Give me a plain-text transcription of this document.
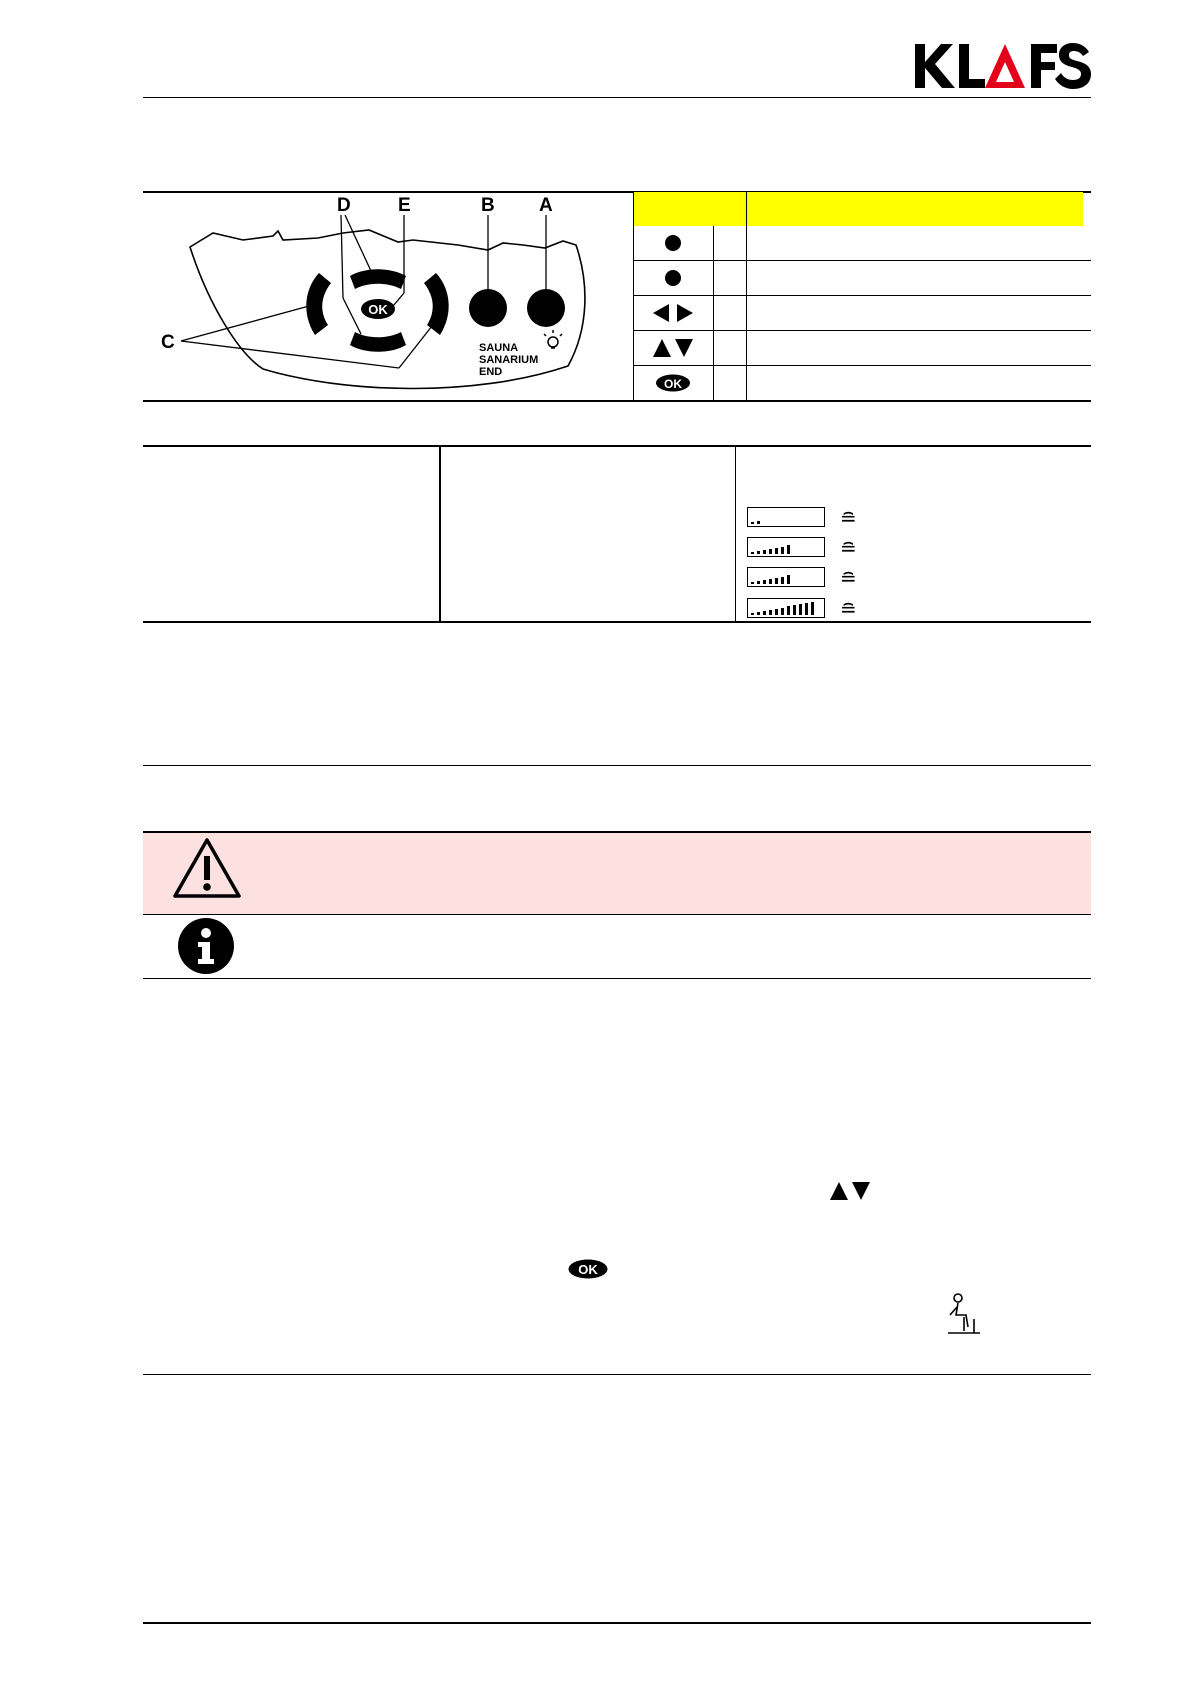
OK
SAUNA
SANARIUM
END
D E	B A
C
OK
≘
≘
≘
≘
OK
